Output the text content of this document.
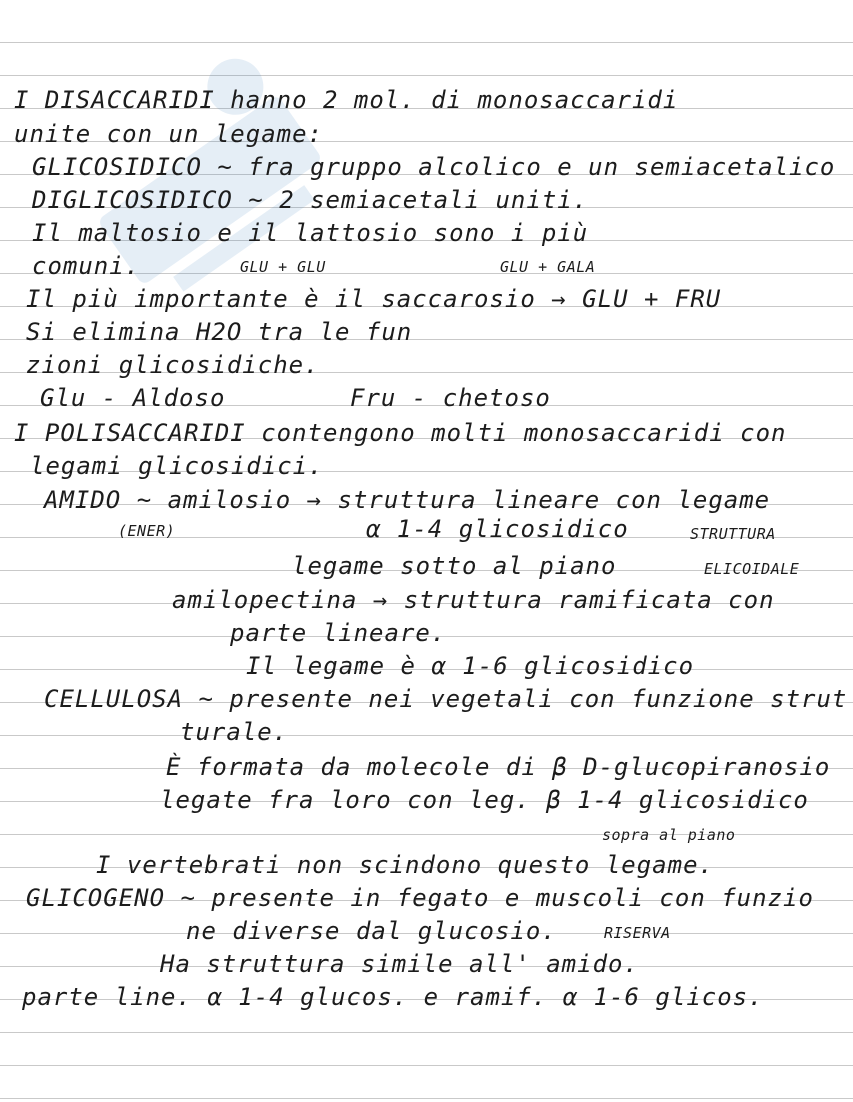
I DISACCARIDI hanno 2 mol. di monosaccaridi
unite con un legame:
GLICOSIDICO ~ fra gruppo alcolico e un semiacetalico
DIGLICOSIDICO ~ 2 semiacetali uniti.
Il maltosio e il lattosio sono i più
comuni.	GLU + GLU	GLU + GALA
Il più importante è il saccarosio → GLU + FRU
Si elimina H2O tra le fun
zioni glicosidiche.
Glu - Aldoso	Fru - chetoso
I POLISACCARIDI contengono molti monosaccaridi con
legami glicosidici.
AMIDO ~ amilosio → struttura lineare con legame
(ENER)	α 1-4 glicosidico	STRUTTURA
legame sotto al piano	ELICOIDALE
amilopectina → struttura ramificata con
parte lineare.
Il legame è α 1-6 glicosidico
CELLULOSA ~ presente nei vegetali con funzione strut
turale.
È formata da molecole di β D-glucopiranosio
legate fra loro con leg. β 1-4 glicosidico
sopra al piano
I vertebrati non scindono questo legame.
GLICOGENO ~ presente in fegato e muscoli con funzio
ne diverse dal glucosio.	RISERVA
Ha struttura simile all' amido.
parte line. α 1-4 glucos. e ramif. α 1-6 glicos.
